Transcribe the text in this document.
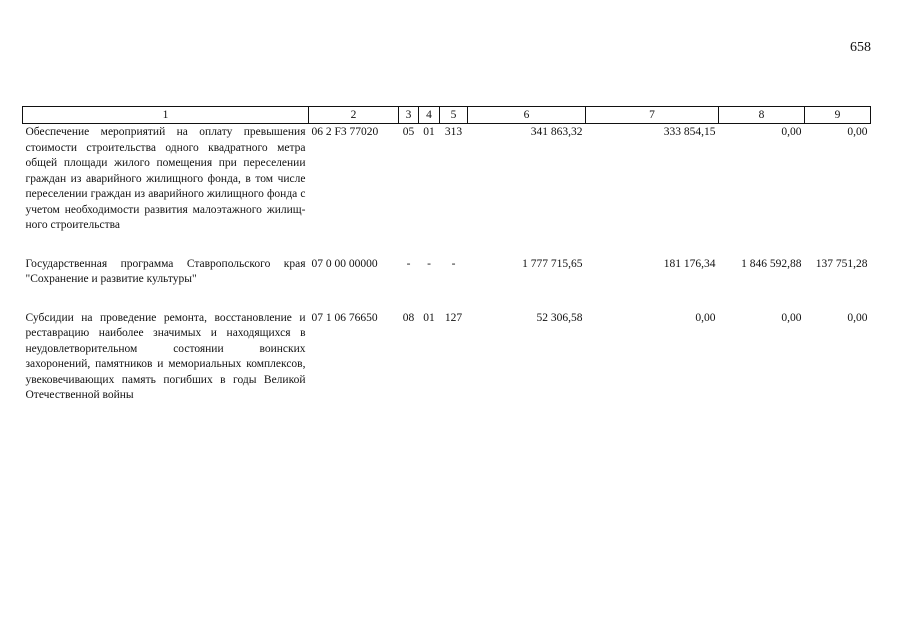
658
1	2	3	4	5	6	7	8	9
Обеспечение мероприятий на оплату превышения стоимости строительства одного квадратного метра общей площади жилого помещения при переселении граждан из аварийного жилищного фонда, в том числе переселении граждан из аварийного жилищного фонда с учетом необходимости развития малоэтажного жилищ-ного строительства	06 2 F3 77020	05	01	313	341 863,32	333 854,15	0,00	0,00

Государственная программа Ставропольского края "Сохранение и развитие культуры"	07 0 00 00000	-	-	-	1 777 715,65	181 176,34	1 846 592,88	137 751,28

Субсидии на проведение ремонта, восстановление и реставрацию наиболее значимых и находящихся в неудовлетворительном состоянии воинских захоронений, памятников и мемориальных комплексов, увековечивающих память погибших в годы Великой Отечественной войны	07 1 06 76650	08	01	127	52 306,58	0,00	0,00	0,00
